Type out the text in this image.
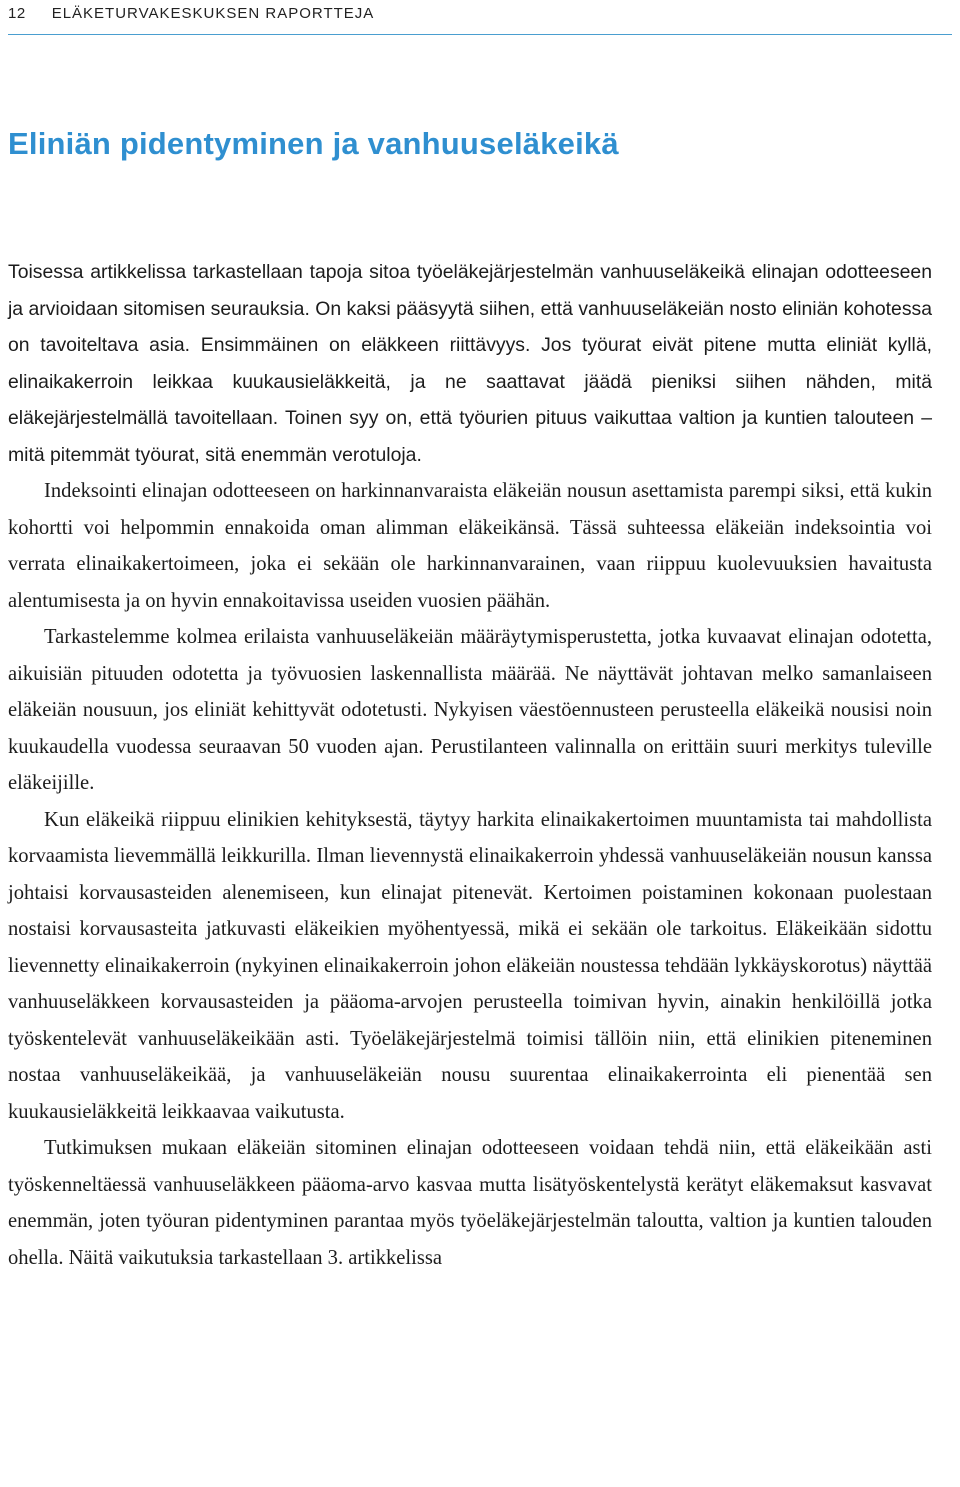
12 ELÄKETURVAKESKUKSEN RAPORTTEJA
Eliniän pidentyminen ja vanhuuseläkeikä

Toisessa artikkelissa tarkastellaan tapoja sitoa työeläkejärjestelmän vanhuuseläkeikä elinajan odotteeseen ja arvioidaan sitomisen seurauksia. On kaksi pääsyytä siihen, että vanhuuseläkeiän nosto eliniän kohotessa on tavoiteltava asia. Ensimmäinen on eläkkeen riittävyys. Jos työurat eivät pitene mutta eliniät kyllä, elinaikakerroin leikkaa kuukausieläkkeitä, ja ne saattavat jäädä pieniksi siihen nähden, mitä eläkejärjestelmällä tavoitellaan. Toinen syy on, että työurien pituus vaikuttaa valtion ja kuntien talouteen – mitä pitemmät työurat, sitä enemmän verotuloja.

Indeksointi elinajan odotteeseen on harkinnanvaraista eläkeiän nousun asettamista parempi siksi, että kukin kohortti voi helpommin ennakoida oman alimman eläkeikänsä. Tässä suhteessa eläkeiän indeksointia voi verrata elinaikakertoimeen, joka ei sekään ole harkinnanvarainen, vaan riippuu kuolevuuksien havaitusta alentumisesta ja on hyvin ennakoitavissa useiden vuosien päähän.

Tarkastelemme kolmea erilaista vanhuuseläkeiän määräytymisperustetta, jotka kuvaavat elinajan odotetta, aikuisiän pituuden odotetta ja työvuosien laskennallista määrää. Ne näyttävät johtavan melko samanlaiseen eläkeiän nousuun, jos eliniät kehittyvät odotetusti. Nykyisen väestöennusteen perusteella eläkeikä nousisi noin kuukaudella vuodessa seuraavan 50 vuoden ajan. Perustilanteen valinnalla on erittäin suuri merkitys tuleville eläkeijille.

Kun eläkeikä riippuu elinikien kehityksestä, täytyy harkita elinaikakertoimen muuntamista tai mahdollista korvaamista lievemmällä leikkurilla. Ilman lievennystä elinaikakerroin yhdessä vanhuuseläkeiän nousun kanssa johtaisi korvausasteiden alenemiseen, kun elinajat pitenevät. Kertoimen poistaminen kokonaan puolestaan nostaisi korvausasteita jatkuvasti eläkeikien myöhentyessä, mikä ei sekään ole tarkoitus. Eläkeikään sidottu lievennetty elinaikakerroin (nykyinen elinaikakerroin johon eläkeiän noustessa tehdään lykkäyskorotus) näyttää vanhuuseläkkeen korvausasteiden ja pääoma-arvojen perusteella toimivan hyvin, ainakin henkilöillä jotka työskentelevät vanhuuseläkeikään asti. Työeläkejärjestelmä toimisi tällöin niin, että elinikien piteneminen nostaa vanhuuseläkeikää, ja vanhuuseläkeiän nousu suurentaa elinaikakerrointa eli pienentää sen kuukausieläkkeitä leikkaavaa vaikutusta.

Tutkimuksen mukaan eläkeiän sitominen elinajan odotteeseen voidaan tehdä niin, että eläkeikään asti työskenneltäessä vanhuuseläkkeen pääoma-arvo kasvaa mutta lisätyöskentelystä kerätyt eläkemaksut kasvavat enemmän, joten työuran pidentyminen parantaa myös työeläkejärjestelmän taloutta, valtion ja kuntien talouden ohella. Näitä vaikutuksia tarkastellaan 3. artikkelissa
